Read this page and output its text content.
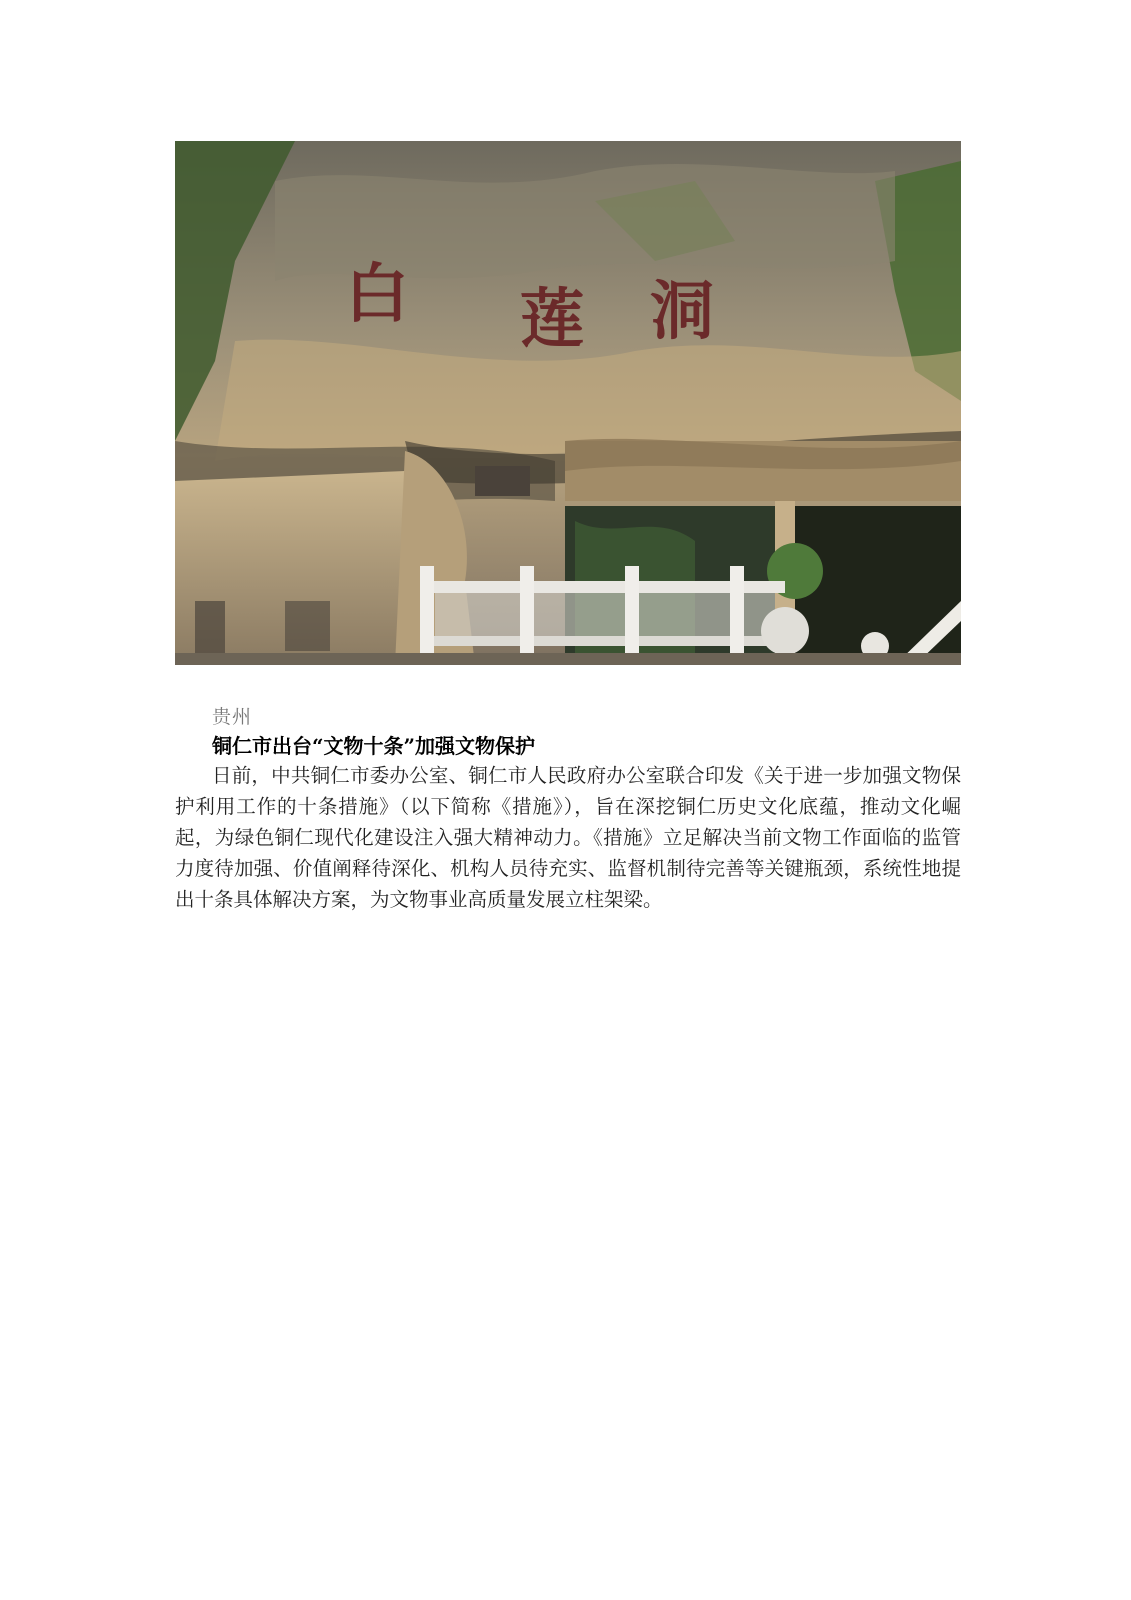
白 莲 洞
贵州
铜仁市出台“文物十条”加强文物保护
日前，中共铜仁市委办公室、铜仁市人民政府办公室联合印发《关于进一步加强文物保护利用工作的十条措施》（以下简称《措施》），旨在深挖铜仁历史文化底蕴，推动文化崛起，为绿色铜仁现代化建设注入强大精神动力。《措施》立足解决当前文物工作面临的监管力度待加强、价值阐释待深化、机构人员待充实、监督机制待完善等关键瓶颈，系统性地提出十条具体解决方案，为文物事业高质量发展立柱架梁。
